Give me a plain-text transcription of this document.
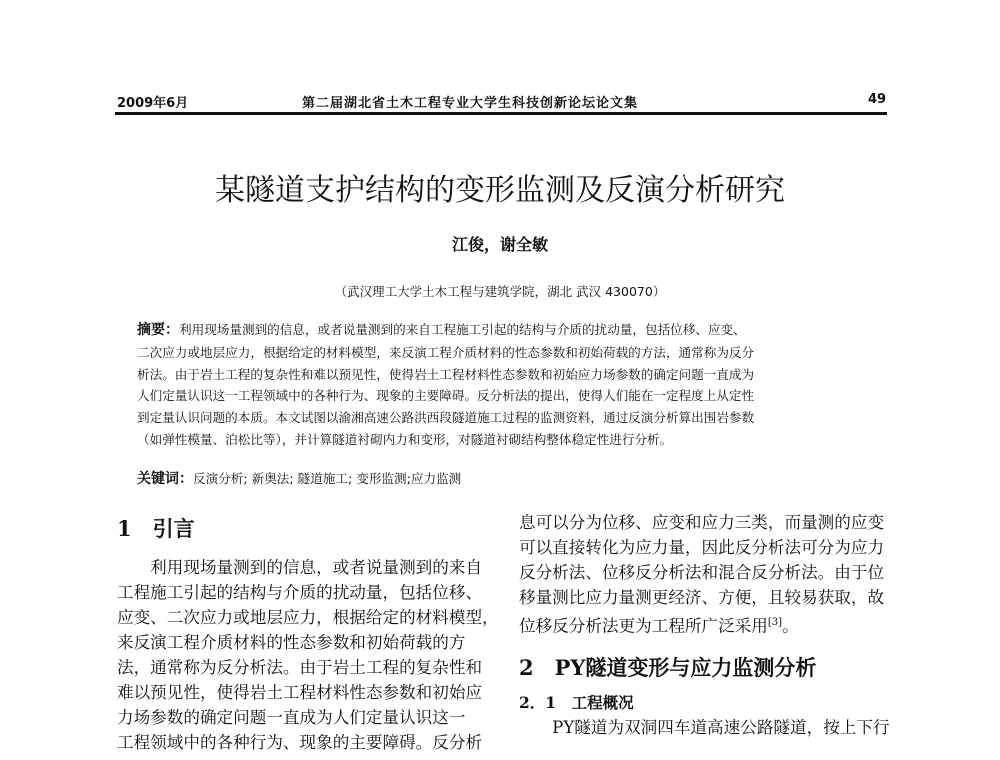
2009年6月	第二届湖北省土木工程专业大学生科技创新论坛论文集	49
某隧道支护结构的变形监测及反演分析研究
江俊，谢全敏
（武汉理工大学土木工程与建筑学院，湖北 武汉 430070）
摘要：利用现场量测到的信息，或者说量测到的来自工程施工引起的结构与介质的扰动量，包括位移、应变、
二次应力或地层应力，根据给定的材料模型，来反演工程介质材料的性态参数和初始荷载的方法，通常称为反分
析法。由于岩土工程的复杂性和难以预见性，使得岩土工程材料性态参数和初始应力场参数的确定问题一直成为
人们定量认识这一工程领域中的各种行为、现象的主要障碍。反分析法的提出，使得人们能在一定程度上从定性
到定量认识问题的本质。本文试图以渝湘高速公路洪西段隧道施工过程的监测资料，通过反演分析算出围岩参数
（如弹性模量、泊松比等），并计算隧道衬砌内力和变形，对隧道衬砌结构整体稳定性进行分析。
关键词：反演分析; 新奥法; 隧道施工; 变形监测;应力监测
1　引言
　　利用现场量测到的信息，或者说量测到的来自
工程施工引起的结构与介质的扰动量，包括位移、
应变、二次应力或地层应力，根据给定的材料模型，
来反演工程介质材料的性态参数和初始荷载的方
法，通常称为反分析法。由于岩土工程的复杂性和
难以预见性，使得岩土工程材料性态参数和初始应
力场参数的确定问题一直成为人们定量认识这一
工程领域中的各种行为、现象的主要障碍。反分析
息可以分为位移、应变和应力三类，而量测的应变
可以直接转化为应力量，因此反分析法可分为应力
反分析法、位移反分析法和混合反分析法。由于位
移量测比应力量测更经济、方便，且较易获取，故
位移反分析法更为工程所广泛采用[3]。
2　PY隧道变形与应力监测分析
2．1　工程概况
　　PY隧道为双洞四车道高速公路隧道，按上下行
